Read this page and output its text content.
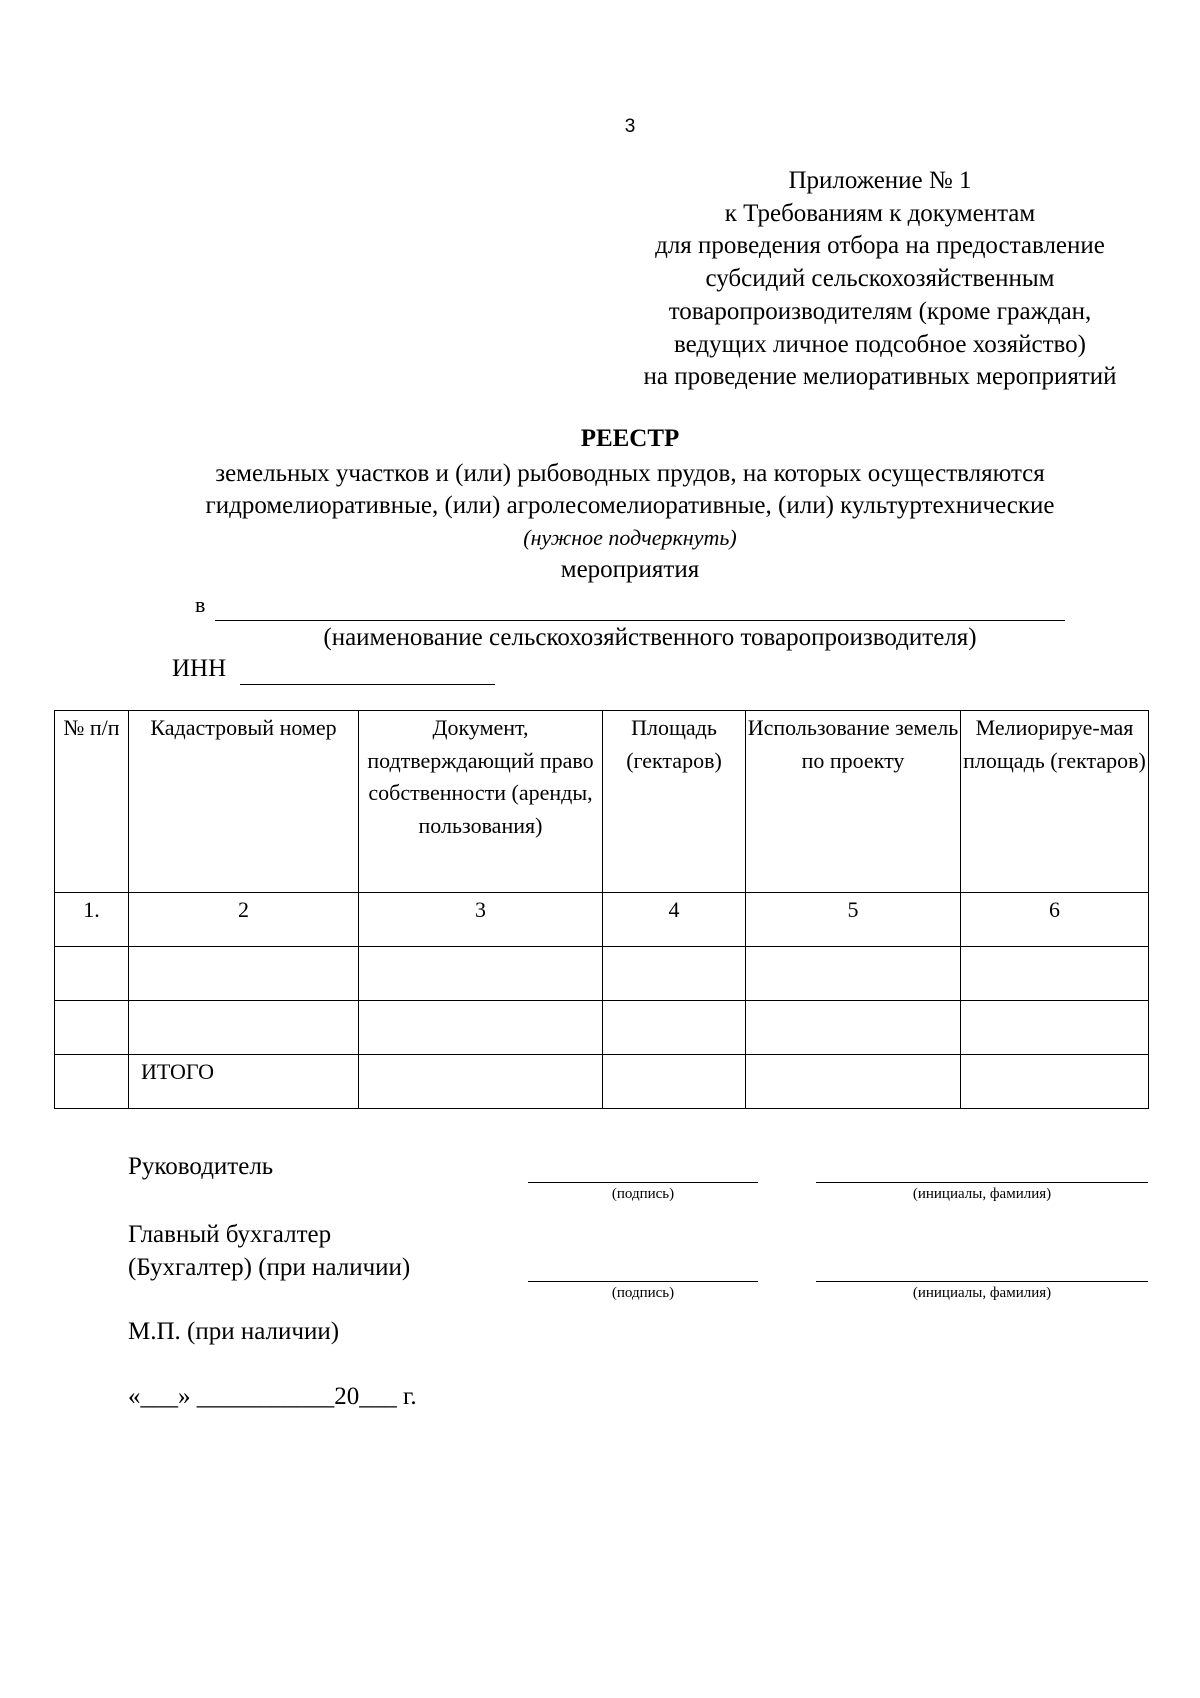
3
Приложение № 1
к Требованиям к документам
для проведения отбора на предоставление
субсидий сельскохозяйственным
товаропроизводителям (кроме граждан,
ведущих личное подсобное хозяйство)
на проведение мелиоративных мероприятий
РЕЕСТР
земельных участков и (или) рыбоводных прудов, на которых осуществляются
гидромелиоративные, (или) агролесомелиоративные, (или) культуртехнические
(нужное подчеркнуть)
мероприятия
в
(наименование сельскохозяйственного товаропроизводителя)
ИНН
№ п/п	Кадастровый номер	Документ, подтверждающий право собственности (аренды, пользования)	Площадь (гектаров)	Использование земель по проекту	Мелиорируе-мая площадь (гектаров)
1.	2	3	4	5	6

	ИТОГО				
Руководитель
(подпись)	(инициалы, фамилия)
Главный бухгалтер
(Бухгалтер) (при наличии)
(подпись)	(инициалы, фамилия)
М.П. (при наличии)
«___» ___________20___ г.
